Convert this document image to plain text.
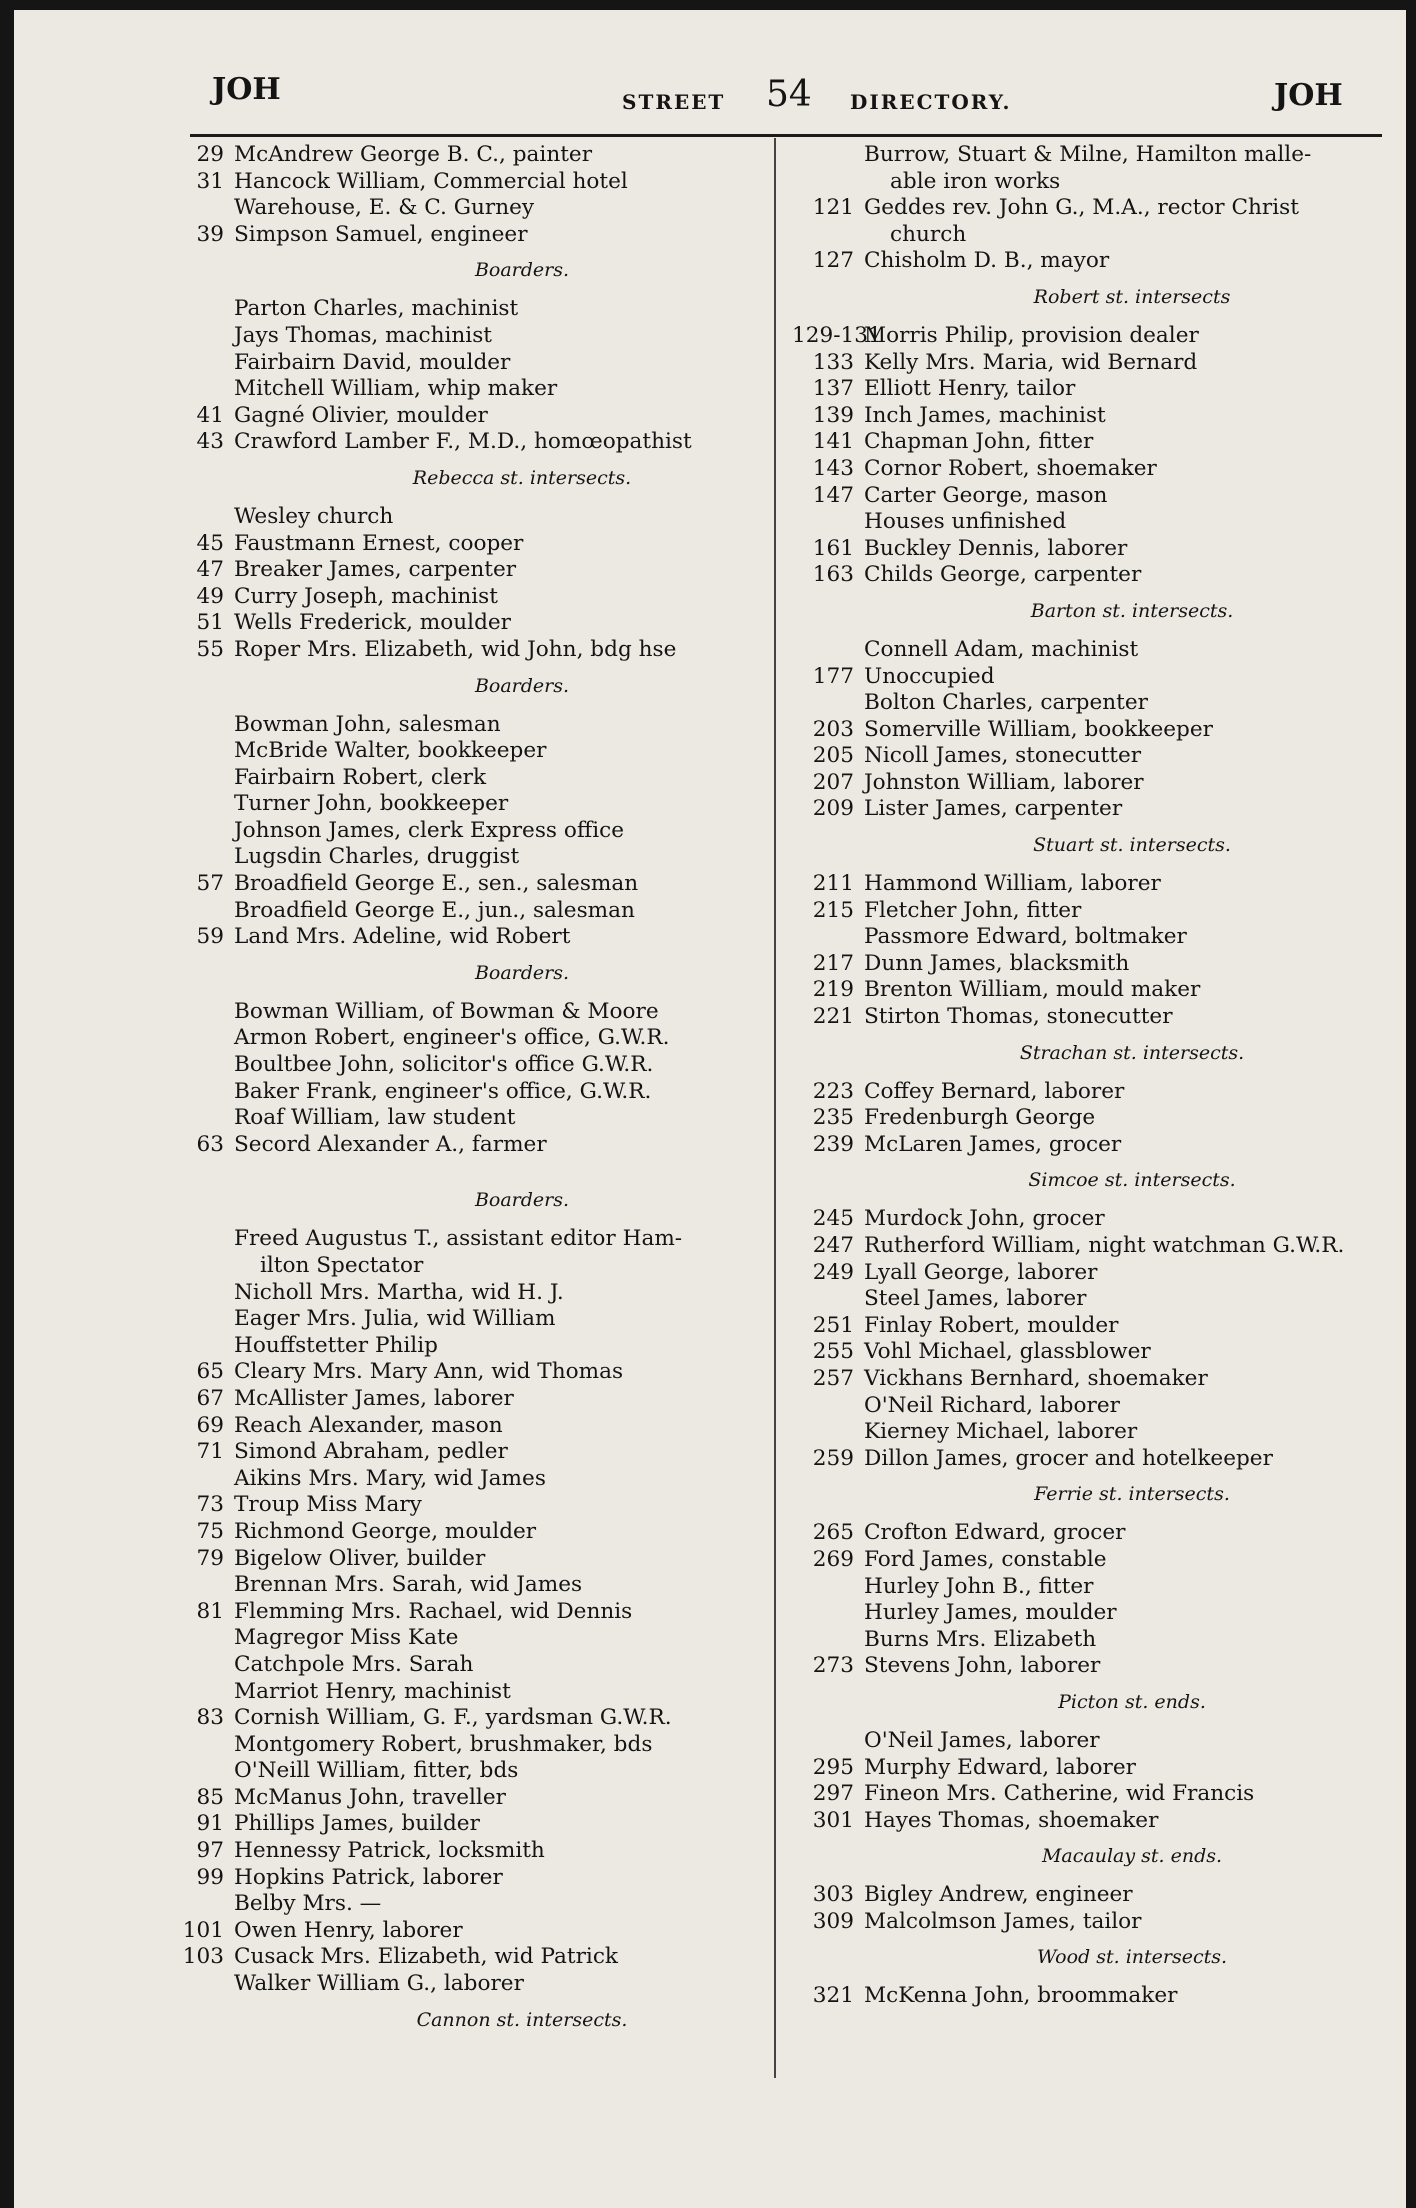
JOH	STREET 54 DIRECTORY.	JOH
29 McAndrew George B. C., painter
31 Hancock William, Commercial hotel
Warehouse, E. & C. Gurney
39 Simpson Samuel, engineer
Boarders.
Parton Charles, machinist
Jays Thomas, machinist
Fairbairn David, moulder
Mitchell William, whip maker
41 Gagné Olivier, moulder
43 Crawford Lamber F., M.D., homœopathist
Rebecca st. intersects.
Wesley church
45 Faustmann Ernest, cooper
47 Breaker James, carpenter
49 Curry Joseph, machinist
51 Wells Frederick, moulder
55 Roper Mrs. Elizabeth, wid John, bdg hse
Boarders.
Bowman John, salesman
McBride Walter, bookkeeper
Fairbairn Robert, clerk
Turner John, bookkeeper
Johnson James, clerk Express office
Lugsdin Charles, druggist
57 Broadfield George E., sen., salesman
Broadfield George E., jun., salesman
59 Land Mrs. Adeline, wid Robert
Boarders.
Bowman William, of Bowman & Moore
Armon Robert, engineer's office, G.W.R.
Boultbee John, solicitor's office G.W.R.
Baker Frank, engineer's office, G.W.R.
Roaf William, law student
63 Secord Alexander A., farmer
Boarders.
Freed Augustus T., assistant editor Ham-
ilton Spectator
Nicholl Mrs. Martha, wid H. J.
Eager Mrs. Julia, wid William
Houffstetter Philip
65 Cleary Mrs. Mary Ann, wid Thomas
67 McAllister James, laborer
69 Reach Alexander, mason
71 Simond Abraham, pedler
Aikins Mrs. Mary, wid James
73 Troup Miss Mary
75 Richmond George, moulder
79 Bigelow Oliver, builder
Brennan Mrs. Sarah, wid James
81 Flemming Mrs. Rachael, wid Dennis
Magregor Miss Kate
Catchpole Mrs. Sarah
Marriot Henry, machinist
83 Cornish William, G. F., yardsman G.W.R.
Montgomery Robert, brushmaker, bds
O'Neill William, fitter, bds
85 McManus John, traveller
91 Phillips James, builder
97 Hennessy Patrick, locksmith
99 Hopkins Patrick, laborer
Belby Mrs. —
101 Owen Henry, laborer
103 Cusack Mrs. Elizabeth, wid Patrick
Walker William G., laborer
Cannon st. intersects.
Burrow, Stuart & Milne, Hamilton malle-
able iron works
121 Geddes rev. John G., M.A., rector Christ
church
127 Chisholm D. B., mayor
Robert st. intersects
129-131
Morris Philip, provision dealer
133 Kelly Mrs. Maria, wid Bernard
137 Elliott Henry, tailor
139 Inch James, machinist
141 Chapman John, fitter
143 Cornor Robert, shoemaker
147 Carter George, mason
Houses unfinished
161 Buckley Dennis, laborer
163 Childs George, carpenter
Barton st. intersects.
Connell Adam, machinist
177 Unoccupied
Bolton Charles, carpenter
203 Somerville William, bookkeeper
205 Nicoll James, stonecutter
207 Johnston William, laborer
209 Lister James, carpenter
Stuart st. intersects.
211 Hammond William, laborer
215 Fletcher John, fitter
Passmore Edward, boltmaker
217 Dunn James, blacksmith
219 Brenton William, mould maker
221 Stirton Thomas, stonecutter
Strachan st. intersects.
223 Coffey Bernard, laborer
235 Fredenburgh George
239 McLaren James, grocer
Simcoe st. intersects.
245 Murdock John, grocer
247 Rutherford William, night watchman G.W.R.
249 Lyall George, laborer
Steel James, laborer
251 Finlay Robert, moulder
255 Vohl Michael, glassblower
257 Vickhans Bernhard, shoemaker
O'Neil Richard, laborer
Kierney Michael, laborer
259 Dillon James, grocer and hotelkeeper
Ferrie st. intersects.
265 Crofton Edward, grocer
269 Ford James, constable
Hurley John B., fitter
Hurley James, moulder
Burns Mrs. Elizabeth
273 Stevens John, laborer
Picton st. ends.
O'Neil James, laborer
295 Murphy Edward, laborer
297 Fineon Mrs. Catherine, wid Francis
301 Hayes Thomas, shoemaker
Macaulay st. ends.
303 Bigley Andrew, engineer
309 Malcolmson James, tailor
Wood st. intersects.
321 McKenna John, broommaker
